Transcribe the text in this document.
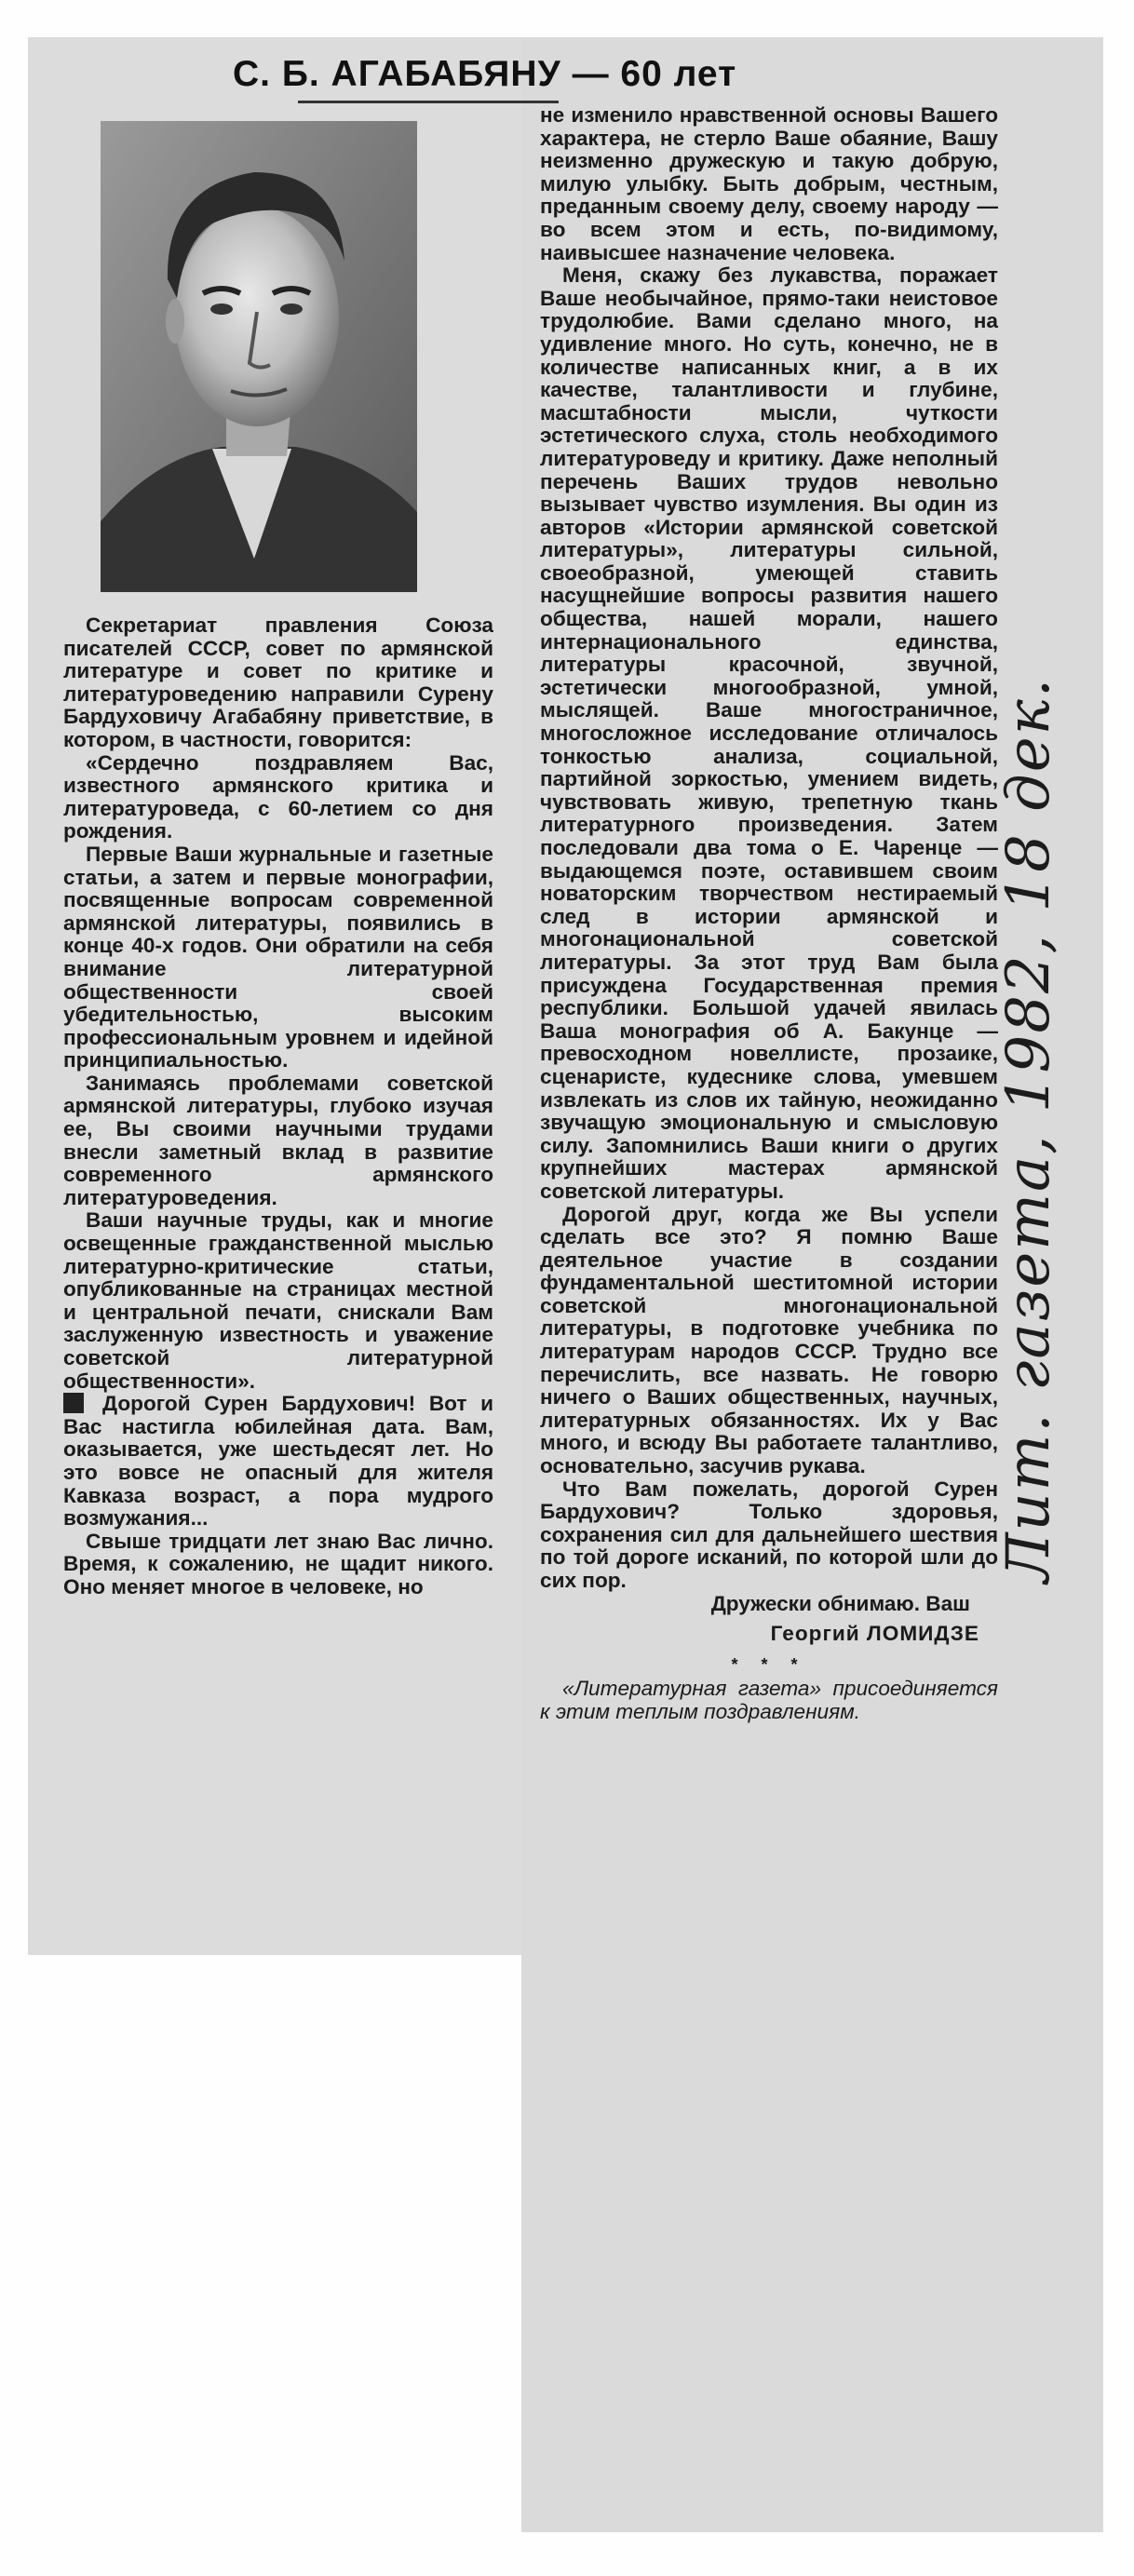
С. Б. АГАБАБЯНУ — 60 лет

Секретариат правления Союза писателей СССР, совет по армянской литературе и совет по критике и литературоведению направили Сурену Бардуховичу Агабабяну приветствие, в котором, в частности, говорится:

«Сердечно поздравляем Вас, известного армянского критика и литературоведа, с 60-летием со дня рождения.

Первые Ваши журнальные и газетные статьи, а затем и первые монографии, посвященные вопросам современной армянской литературы, появились в конце 40-х годов. Они обратили на себя внимание литературной общественности своей убедительностью, высоким профессиональным уровнем и идейной принципиальностью.

Занимаясь проблемами советской армянской литературы, глубоко изучая ее, Вы своими научными трудами внесли заметный вклад в развитие современного армянского литературоведения.

Ваши научные труды, как и многие освещенные гражданственной мыслью литературно-критические статьи, опубликованные на страницах местной и центральной печати, снискали Вам заслуженную известность и уважение советской литературной общественности».

Дорогой Сурен Бардухович! Вот и Вас настигла юбилейная дата. Вам, оказывается, уже шестьдесят лет. Но это вовсе не опасный для жителя Кавказа возраст, а пора мудрого возмужания...

Свыше тридцати лет знаю Вас лично. Время, к сожалению, не щадит никого. Оно меняет многое в человеке, но

не изменило нравственной основы Вашего характера, не стерло Ваше обаяние, Вашу неизменно дружескую и такую добрую, милую улыбку. Быть добрым, честным, преданным своему делу, своему народу — во всем этом и есть, по-видимому, наивысшее назначение человека.

Меня, скажу без лукавства, поражает Ваше необычайное, прямо-таки неистовое трудолюбие. Вами сделано много, на удивление много. Но суть, конечно, не в количестве написанных книг, а в их качестве, талантливости и глубине, масштабности мысли, чуткости эстетического слуха, столь необходимого литературоведу и критику. Даже неполный перечень Ваших трудов невольно вызывает чувство изумления. Вы один из авторов «Истории армянской советской литературы», литературы сильной, своеобразной, умеющей ставить насущнейшие вопросы развития нашего общества, нашей морали, нашего интернационального единства, литературы красочной, звучной, эстетически многообразной, умной, мыслящей. Ваше многостраничное, многосложное исследование отличалось тонкостью анализа, социальной, партийной зоркостью, умением видеть, чувствовать живую, трепетную ткань литературного произведения. Затем последовали два тома о Е. Чаренце — выдающемся поэте, оставившем своим новаторским творчеством нестираемый след в истории армянской и многонациональной советской литературы. За этот труд Вам была присуждена Государственная премия республики. Большой удачей явилась Ваша монография об А. Бакунце — превосходном новеллисте, прозаике, сценаристе, кудеснике слова, умевшем извлекать из слов их тайную, неожиданно звучащую эмоциональную и смысловую силу. Запомнились Ваши книги о других крупнейших мастерах армянской советской литературы.

Дорогой друг, когда же Вы успели сделать все это? Я помню Ваше деятельное участие в создании фундаментальной шеститомной истории советской многонациональной литературы, в подготовке учебника по литературам народов СССР. Трудно все перечислить, все назвать. Не говорю ничего о Ваших общественных, научных, литературных обязанностях. Их у Вас много, и всюду Вы работаете талантливо, основательно, засучив рукава.

Что Вам пожелать, дорогой Сурен Бардухович? Только здоровья, сохранения сил для дальнейшего шествия по той дороге исканий, по которой шли до сих пор.

Дружески обнимаю. Ваш

Георгий ЛОМИДЗЕ
* * *

«Литературная газета» присоединяется к этим теплым поздравлениям.

Лит. газета, 1982, 18 дек.
